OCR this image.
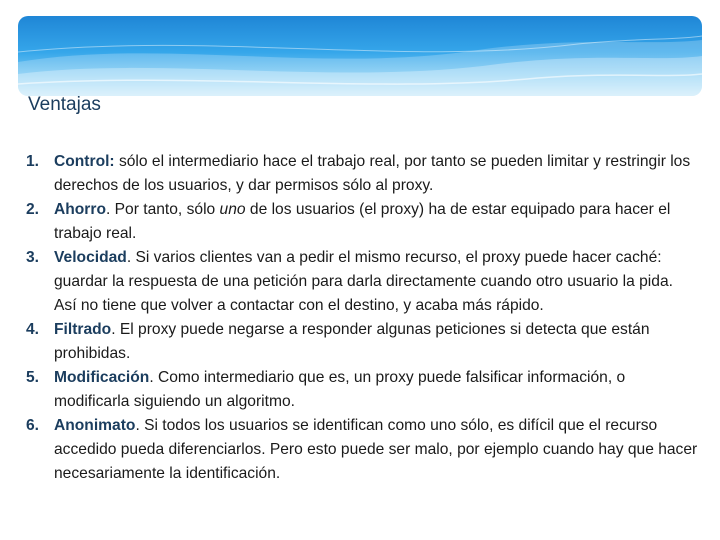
Ventajas
1. Control: sólo el intermediario hace el trabajo real, por tanto se pueden limitar y restringir los derechos de los usuarios, y dar permisos sólo al proxy.
2. Ahorro. Por tanto, sólo uno de los usuarios (el proxy) ha de estar equipado para hacer el trabajo real.
3. Velocidad. Si varios clientes van a pedir el mismo recurso, el proxy puede hacer caché: guardar la respuesta de una petición para darla directamente cuando otro usuario la pida. Así no tiene que volver a contactar con el destino, y acaba más rápido.
4. Filtrado. El proxy puede negarse a responder algunas peticiones si detecta que están prohibidas.
5. Modificación. Como intermediario que es, un proxy puede falsificar información, o modificarla siguiendo un algoritmo.
6. Anonimato. Si todos los usuarios se identifican como uno sólo, es difícil que el recurso accedido pueda diferenciarlos. Pero esto puede ser malo, por ejemplo cuando hay que hacer necesariamente la identificación.
